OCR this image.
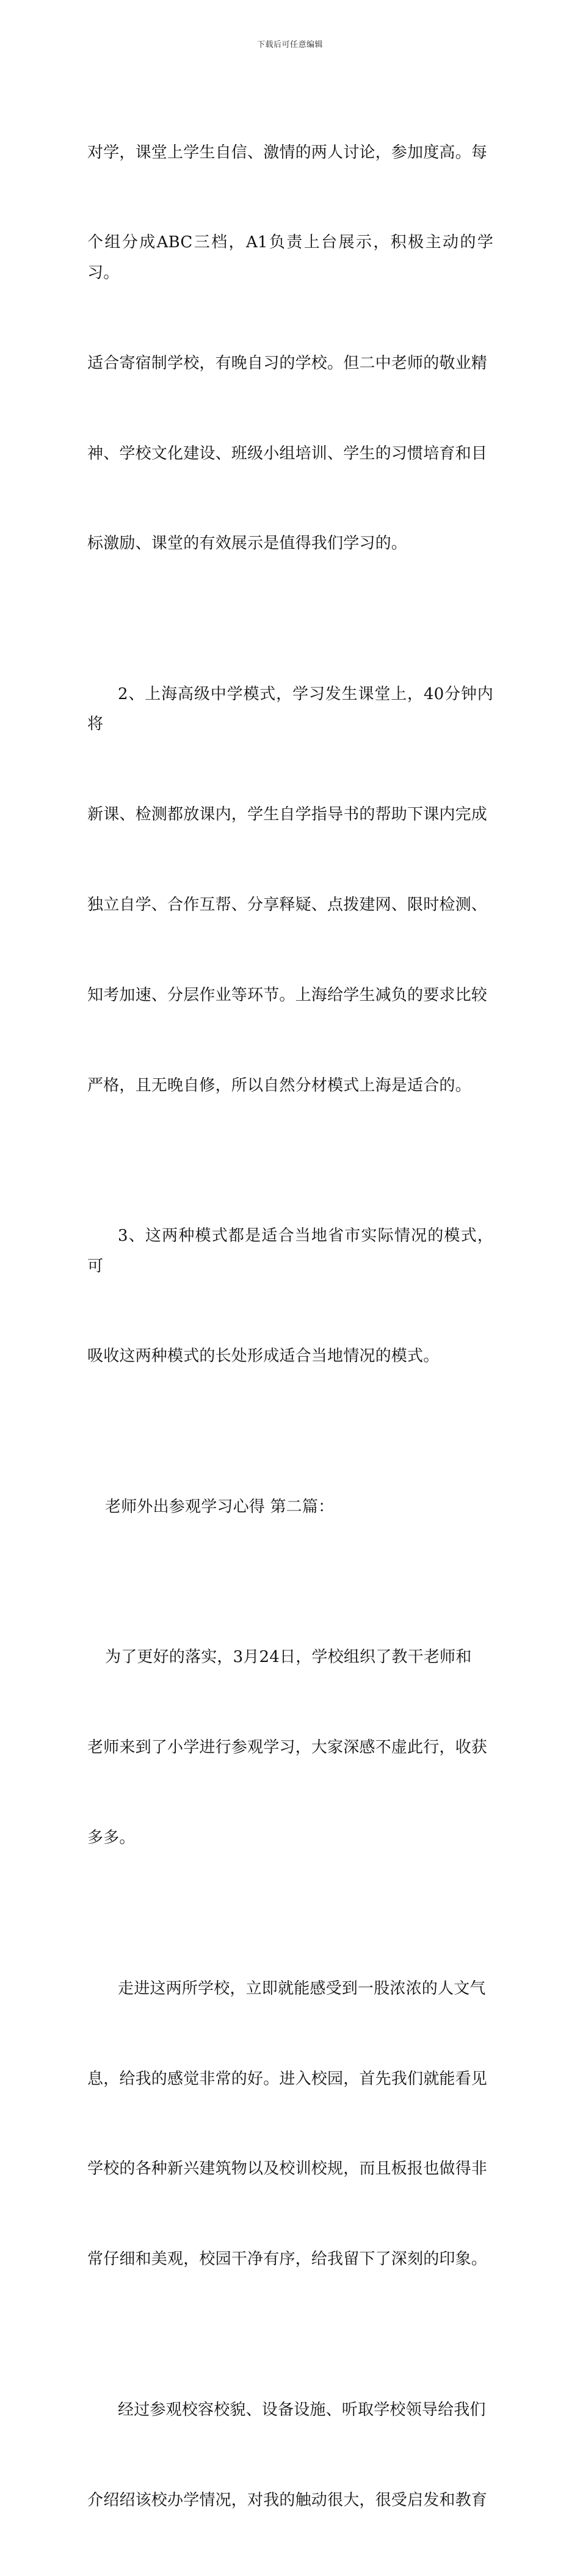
下载后可任意编辑

对学，课堂上学生自信、激情的两人讨论，参加度高。每

个组分成ABC三档，A1负责上台展示，积极主动的学习。

适合寄宿制学校，有晚自习的学校。但二中老师的敬业精

神、学校文化建设、班级小组培训、学生的习惯培育和目

标激励、课堂的有效展示是值得我们学习的。

2、上海高级中学模式，学习发生课堂上，40分钟内将

新课、检测都放课内，学生自学指导书的帮助下课内完成

独立自学、合作互帮、分享释疑、点拨建网、限时检测、

知考加速、分层作业等环节。上海给学生减负的要求比较

严格，且无晚自修，所以自然分材模式上海是适合的。

3、这两种模式都是适合当地省市实际情况的模式，可

吸收这两种模式的长处形成适合当地情况的模式。

老师外出参观学习心得 第二篇：

为了更好的落实，3月24日，学校组织了教干老师和

老师来到了小学进行参观学习，大家深感不虚此行，收获

多多。

走进这两所学校，立即就能感受到一股浓浓的人文气

息，给我的感觉非常的好。进入校园，首先我们就能看见

学校的各种新兴建筑物以及校训校规，而且板报也做得非

常仔细和美观，校园干净有序，给我留下了深刻的印象。

经过参观校容校貌、设备设施、听取学校领导给我们

介绍绍该校办学情况，对我的触动很大，很受启发和教育
